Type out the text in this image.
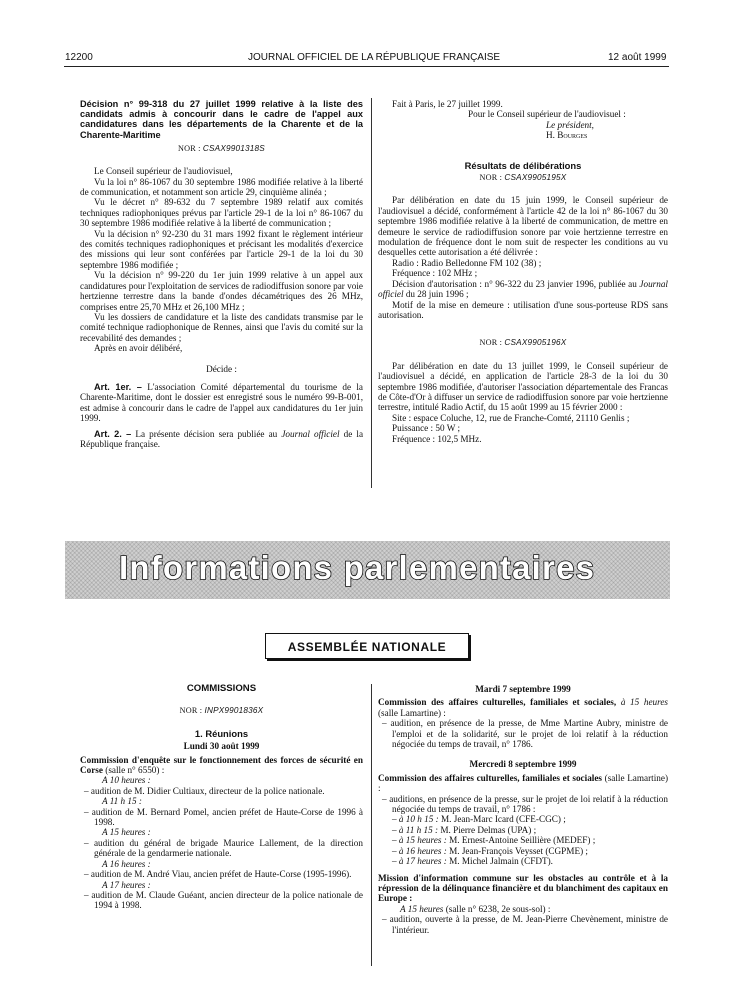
12200	JOURNAL OFFICIEL DE LA RÉPUBLIQUE FRANÇAISE	12 août 1999
Décision n° 99-318 du 27 juillet 1999 relative à la liste des candidats admis à concourir dans le cadre de l'appel aux candidatures dans les départements de la Charente et de la Charente-Maritime
NOR : CSAX9901318S

Le Conseil supérieur de l'audiovisuel,

Vu la loi n° 86-1067 du 30 septembre 1986 modifiée relative à la liberté de communication, et notamment son article 29, cinquième alinéa ;

Vu le décret n° 89-632 du 7 septembre 1989 relatif aux comités techniques radiophoniques prévus par l'article 29-1 de la loi n° 86-1067 du 30 septembre 1986 modifiée relative à la liberté de communication ;

Vu la décision n° 92-230 du 31 mars 1992 fixant le règlement intérieur des comités techniques radiophoniques et précisant les modalités d'exercice des missions qui leur sont conférées par l'article 29-1 de la loi du 30 septembre 1986 modifiée ;

Vu la décision n° 99-220 du 1er juin 1999 relative à un appel aux candidatures pour l'exploitation de services de radiodiffusion sonore par voie hertzienne terrestre dans la bande d'ondes décamétriques des 26 MHz, comprises entre 25,70 MHz et 26,100 MHz ;

Vu les dossiers de candidature et la liste des candidats transmise par le comité technique radiophonique de Rennes, ainsi que l'avis du comité sur la recevabilité des demandes ;

Après en avoir délibéré,

Décide :

Art. 1er. – L'association Comité départemental du tourisme de la Charente-Maritime, dont le dossier est enregistré sous le numéro 99-B-001, est admise à concourir dans le cadre de l'appel aux candidatures du 1er juin 1999.

Art. 2. – La présente décision sera publiée au Journal officiel de la République française.

Fait à Paris, le 27 juillet 1999.

Pour le Conseil supérieur de l'audiovisuel :

Le président,

H. Bourges

Résultats de délibérations
NOR : CSAX9905195X

Par délibération en date du 15 juin 1999, le Conseil supérieur de l'audiovisuel a décidé, conformément à l'article 42 de la loi n° 86-1067 du 30 septembre 1986 modifiée relative à la liberté de communication, de mettre en demeure le service de radiodiffusion sonore par voie hertzienne terrestre en modulation de fréquence dont le nom suit de respecter les conditions au vu desquelles cette autorisation a été délivrée :

Radio : Radio Belledonne FM 102 (38) ;

Fréquence : 102 MHz ;

Décision d'autorisation : n° 96-322 du 23 janvier 1996, publiée au Journal officiel du 28 juin 1996 ;

Motif de la mise en demeure : utilisation d'une sous-porteuse RDS sans autorisation.

NOR : CSAX9905196X

Par délibération en date du 13 juillet 1999, le Conseil supérieur de l'audiovisuel a décidé, en application de l'article 28-3 de la loi du 30 septembre 1986 modifiée, d'autoriser l'association départementale des Francas de Côte-d'Or à diffuser un service de radiodiffusion sonore par voie hertzienne terrestre, intitulé Radio Actif, du 15 août 1999 au 15 février 2000 :

Site : espace Coluche, 12, rue de Franche-Comté, 21110 Genlis ;

Puissance : 50 W ;

Fréquence : 102,5 MHz.

Informations parlementaires
ASSEMBLÉE NATIONALE
COMMISSIONS
NOR : INPX9901836X
1. Réunions
Lundi 30 août 1999

Commission d'enquête sur le fonctionnement des forces de sécurité en Corse (salle n° 6550) :

A 10 heures :

– audition de M. Didier Cultiaux, directeur de la police nationale.

A 11 h 15 :

– audition de M. Bernard Pomel, ancien préfet de Haute-Corse de 1996 à 1998.

A 15 heures :

– audition du général de brigade Maurice Lallement, de la direction générale de la gendarmerie nationale.

A 16 heures :

– audition de M. André Viau, ancien préfet de Haute-Corse (1995-1996).

A 17 heures :

– audition de M. Claude Guéant, ancien directeur de la police nationale de 1994 à 1998.

Mardi 7 septembre 1999

Commission des affaires culturelles, familiales et sociales, à 15 heures (salle Lamartine) :

– audition, en présence de la presse, de Mme Martine Aubry, ministre de l'emploi et de la solidarité, sur le projet de loi relatif à la réduction négociée du temps de travail, n° 1786.

Mercredi 8 septembre 1999

Commission des affaires culturelles, familiales et sociales (salle Lamartine) :

– auditions, en présence de la presse, sur le projet de loi relatif à la réduction négociée du temps de travail, n° 1786 :

– à 10 h 15 : M. Jean-Marc Icard (CFE-CGC) ;

– à 11 h 15 : M. Pierre Delmas (UPA) ;

– à 15 heures : M. Ernest-Antoine Seillière (MEDEF) ;

– à 16 heures : M. Jean-François Veysset (CGPME) ;

– à 17 heures : M. Michel Jalmain (CFDT).

Mission d'information commune sur les obstacles au contrôle et à la répression de la délinquance financière et du blanchiment des capitaux en Europe :

A 15 heures (salle n° 6238, 2e sous-sol) :

– audition, ouverte à la presse, de M. Jean-Pierre Chevènement, ministre de l'intérieur.
